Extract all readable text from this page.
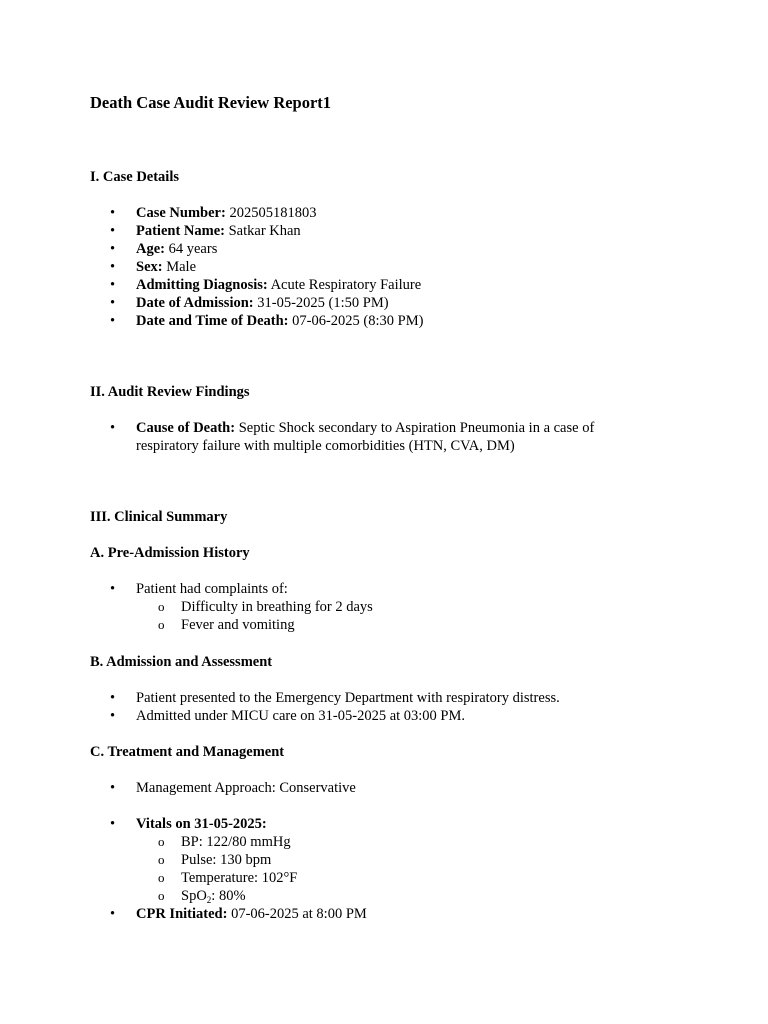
Death Case Audit Review Report1
I. Case Details
• Case Number: 202505181803
• Patient Name: Satkar Khan
• Age: 64 years
• Sex: Male
• Admitting Diagnosis: Acute Respiratory Failure
• Date of Admission: 31-05-2025 (1:50 PM)
• Date and Time of Death: 07-06-2025 (8:30 PM)
II. Audit Review Findings
• Cause of Death: Septic Shock secondary to Aspiration Pneumonia in a case of respiratory failure with multiple comorbidities (HTN, CVA, DM)
III. Clinical Summary
A. Pre-Admission History
• Patient had complaints of:
o Difficulty in breathing for 2 days
o Fever and vomiting
B. Admission and Assessment
• Patient presented to the Emergency Department with respiratory distress.
• Admitted under MICU care on 31-05-2025 at 03:00 PM.
C. Treatment and Management
• Management Approach: Conservative
• Vitals on 31-05-2025:
o BP: 122/80 mmHg
o Pulse: 130 bpm
o Temperature: 102°F
o SpO$_2$: 80%
• CPR Initiated: 07-06-2025 at 8:00 PM
